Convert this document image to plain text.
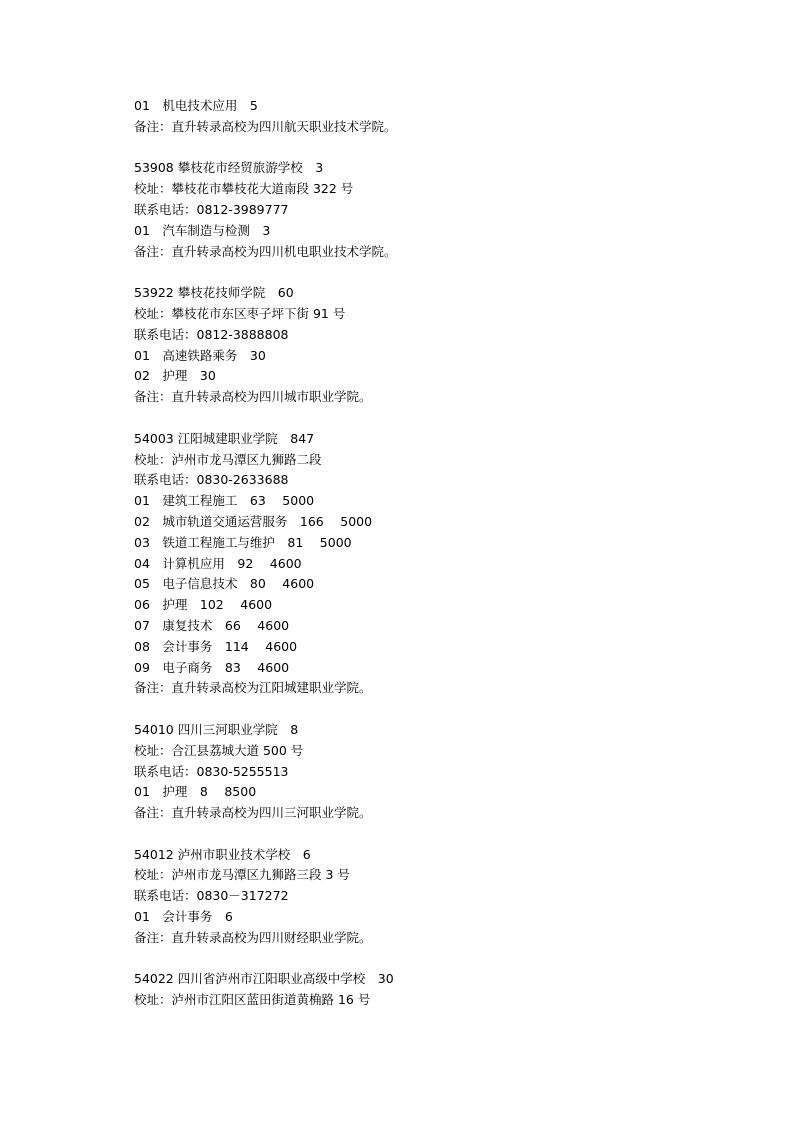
01　机电技术应用　5
备注：直升转录高校为四川航天职业技术学院。
53908 攀枝花市经贸旅游学校　3
校址：攀枝花市攀枝花大道南段 322 号
联系电话：0812-3989777
01　汽车制造与检测　3
备注：直升转录高校为四川机电职业技术学院。
53922 攀枝花技师学院　60
校址：攀枝花市东区枣子坪下街 91 号
联系电话：0812-3888808
01　高速铁路乘务　30
02　护理　30
备注：直升转录高校为四川城市职业学院。
54003 江阳城建职业学院　847
校址：泸州市龙马潭区九狮路二段
联系电话：0830-2633688
01　建筑工程施工　63　 5000
02　城市轨道交通运营服务　166　 5000
03　铁道工程施工与维护　81　 5000
04　计算机应用　92　 4600
05　电子信息技术　80　 4600
06　护理　102　 4600
07　康复技术　66　 4600
08　会计事务　114　 4600
09　电子商务　83　 4600
备注：直升转录高校为江阳城建职业学院。
54010 四川三河职业学院　8
校址：合江县荔城大道 500 号
联系电话：0830-5255513
01　护理　8　 8500
备注：直升转录高校为四川三河职业学院。
54012 泸州市职业技术学校　6
校址：泸州市龙马潭区九狮路三段 3 号
联系电话：0830－317272
01　会计事务　6
备注：直升转录高校为四川财经职业学院。
54022 四川省泸州市江阳职业高级中学校　30
校址：泸州市江阳区蓝田街道黄桷路 16 号
